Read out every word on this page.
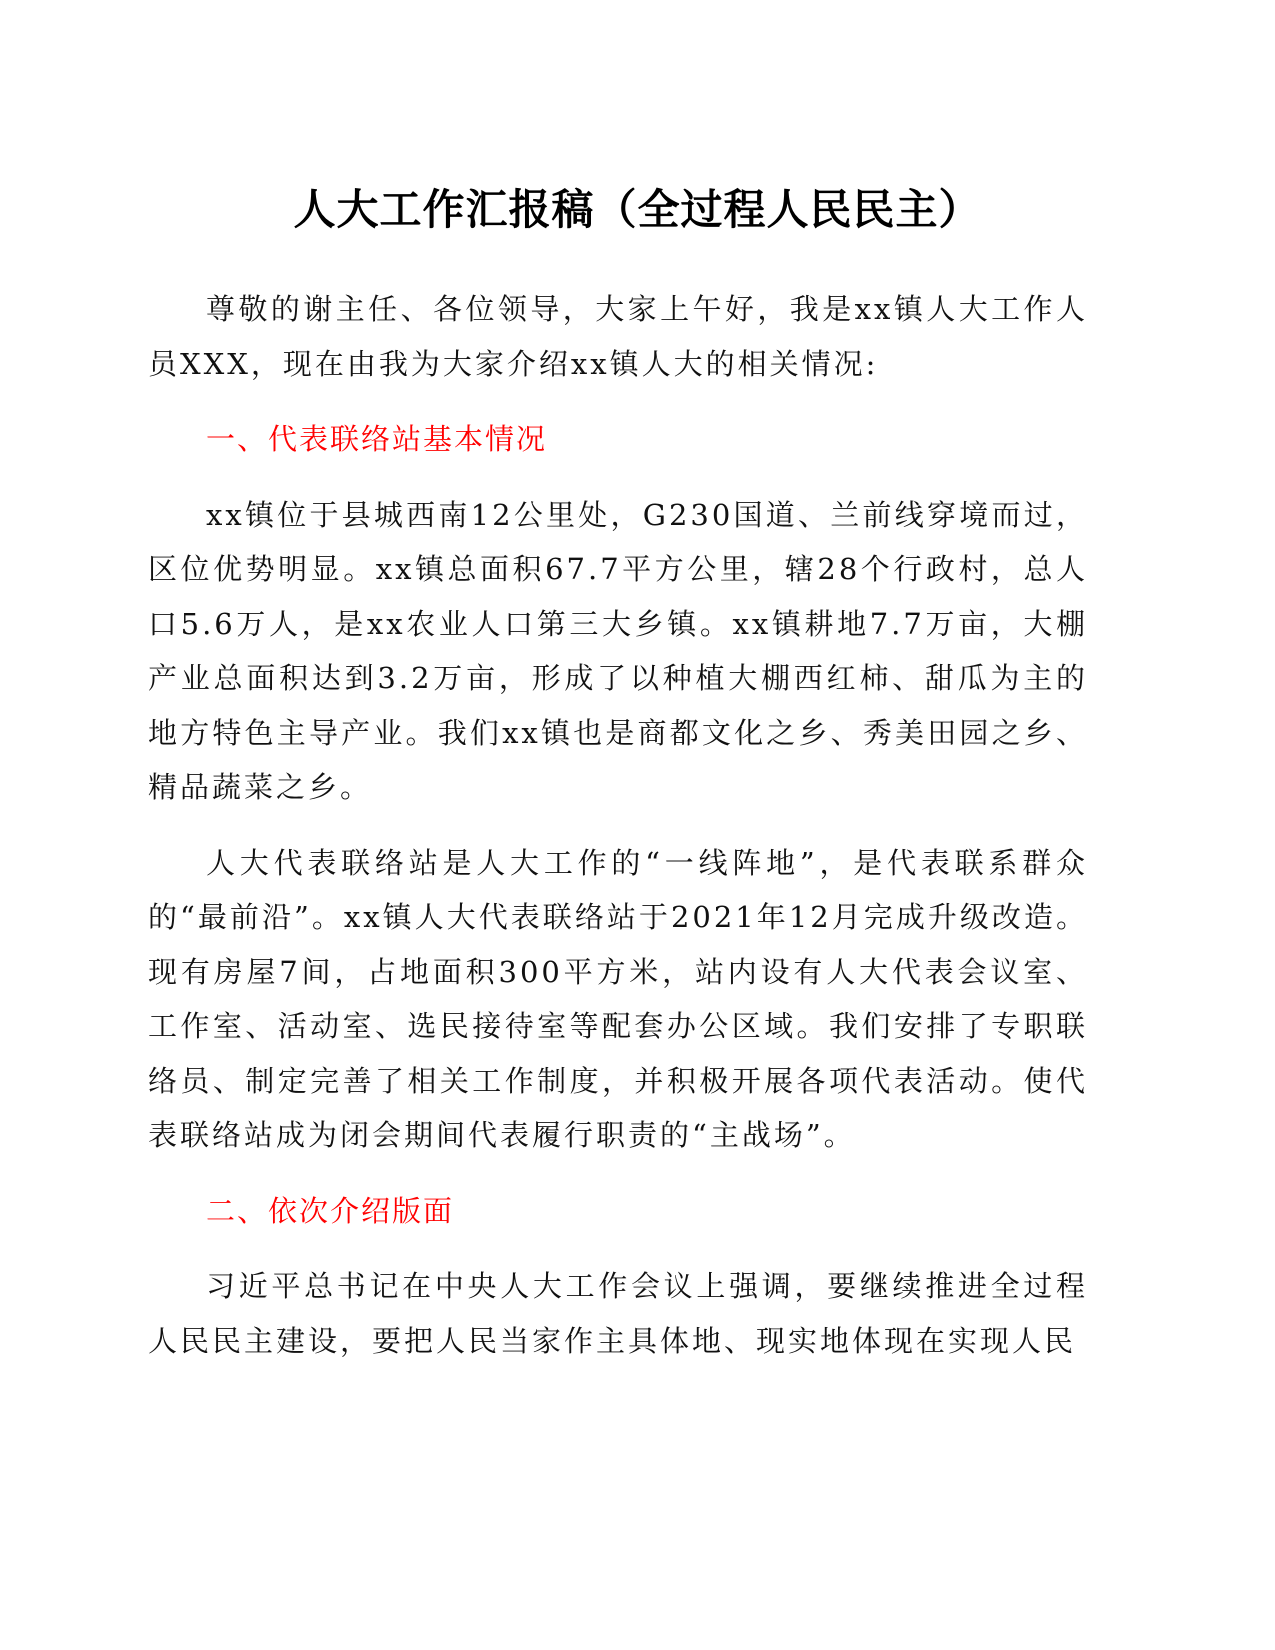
人大工作汇报稿（全过程人民民主）

尊敬的谢主任、各位领导，大家上午好，我是xx镇人大工作人员XXX，现在由我为大家介绍xx镇人大的相关情况:

一、代表联络站基本情况

xx镇位于县城西南12公里处，G230国道、兰前线穿境而过，区位优势明显。xx镇总面积67.7平方公里，辖28个行政村，总人口5.6万人，是xx农业人口第三大乡镇。xx镇耕地7.7万亩，大棚产业总面积达到3.2万亩，形成了以种植大棚西红柿、甜瓜为主的地方特色主导产业。我们xx镇也是商都文化之乡、秀美田园之乡、精品蔬菜之乡。

人大代表联络站是人大工作的“一线阵地”，是代表联系群众的“最前沿”。xx镇人大代表联络站于2021年12月完成升级改造。现有房屋7间，占地面积300平方米，站内设有人大代表会议室、工作室、活动室、选民接待室等配套办公区域。我们安排了专职联络员、制定完善了相关工作制度，并积极开展各项代表活动。使代表联络站成为闭会期间代表履行职责的“主战场”。

二、依次介绍版面

习近平总书记在中央人大工作会议上强调，要继续推进全过程人民民主建设，要把人民当家作主具体地、现实地体现在实现人民
